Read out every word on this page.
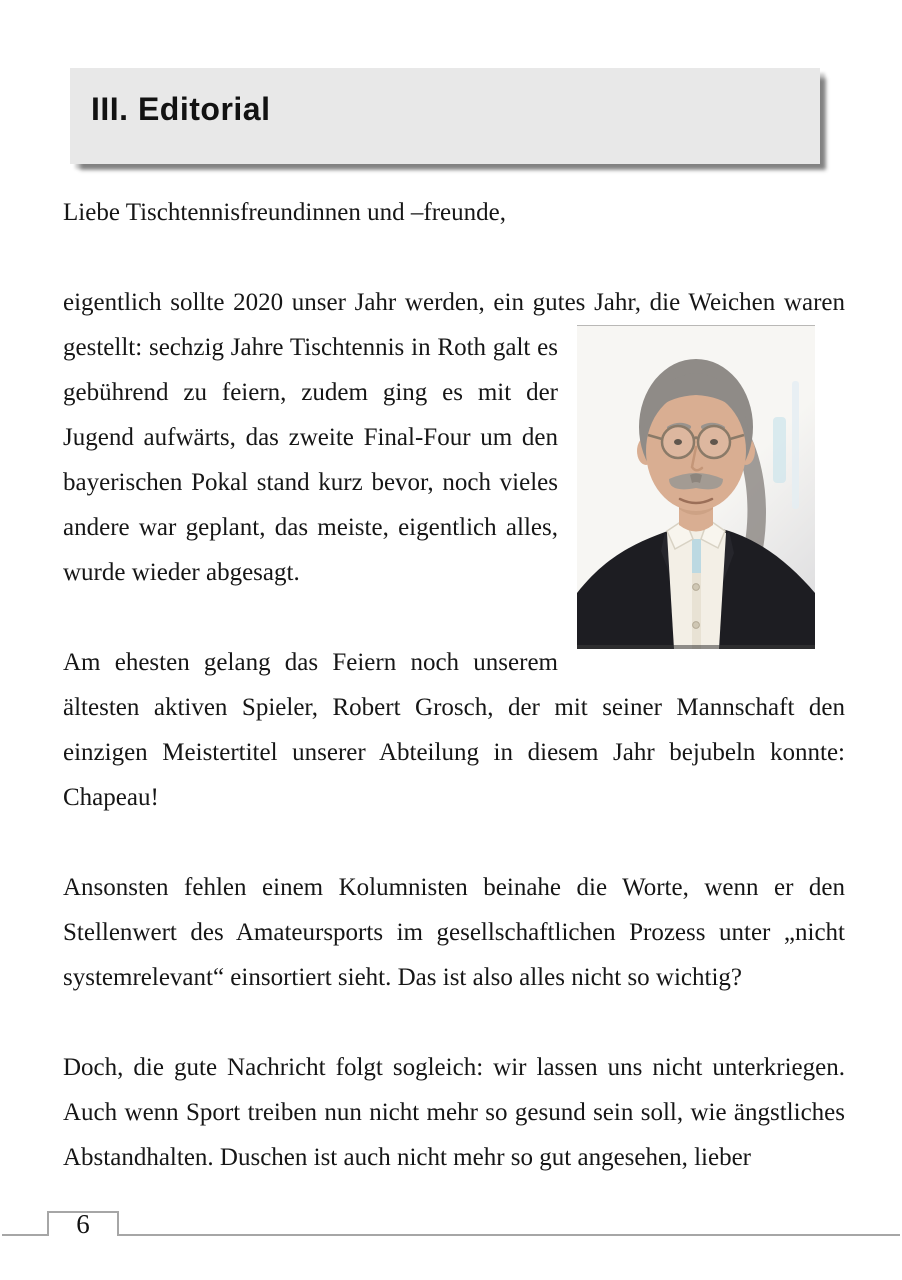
III. Editorial

Liebe Tischtennisfreundinnen und –freunde,

eigentlich sollte 2020 unser Jahr werden, ein gutes Jahr, die Weichen waren gestellt: sechzig Jahre Tischtennis in Roth galt es gebührend zu feiern, zudem ging es mit der Jugend aufwärts, das zweite Final-Four um den bayerischen Pokal stand kurz bevor, noch vieles andere war geplant, das meiste, eigentlich alles, wurde wieder abgesagt.

Am ehesten gelang das Feiern noch unserem ältesten aktiven Spieler, Robert Grosch, der mit seiner Mannschaft den einzigen Meistertitel unserer Abteilung in diesem Jahr bejubeln konnte: Chapeau!

Ansonsten fehlen einem Kolumnisten beinahe die Worte, wenn er den Stellenwert des Amateursports im gesellschaftlichen Prozess unter „nicht systemrelevant“ einsortiert sieht. Das ist also alles nicht so wichtig?

Doch, die gute Nachricht folgt sogleich: wir lassen uns nicht unterkriegen. Auch wenn Sport treiben nun nicht mehr so gesund sein soll, wie ängstliches Abstandhalten. Duschen ist auch nicht mehr so gut angesehen, lieber

6
